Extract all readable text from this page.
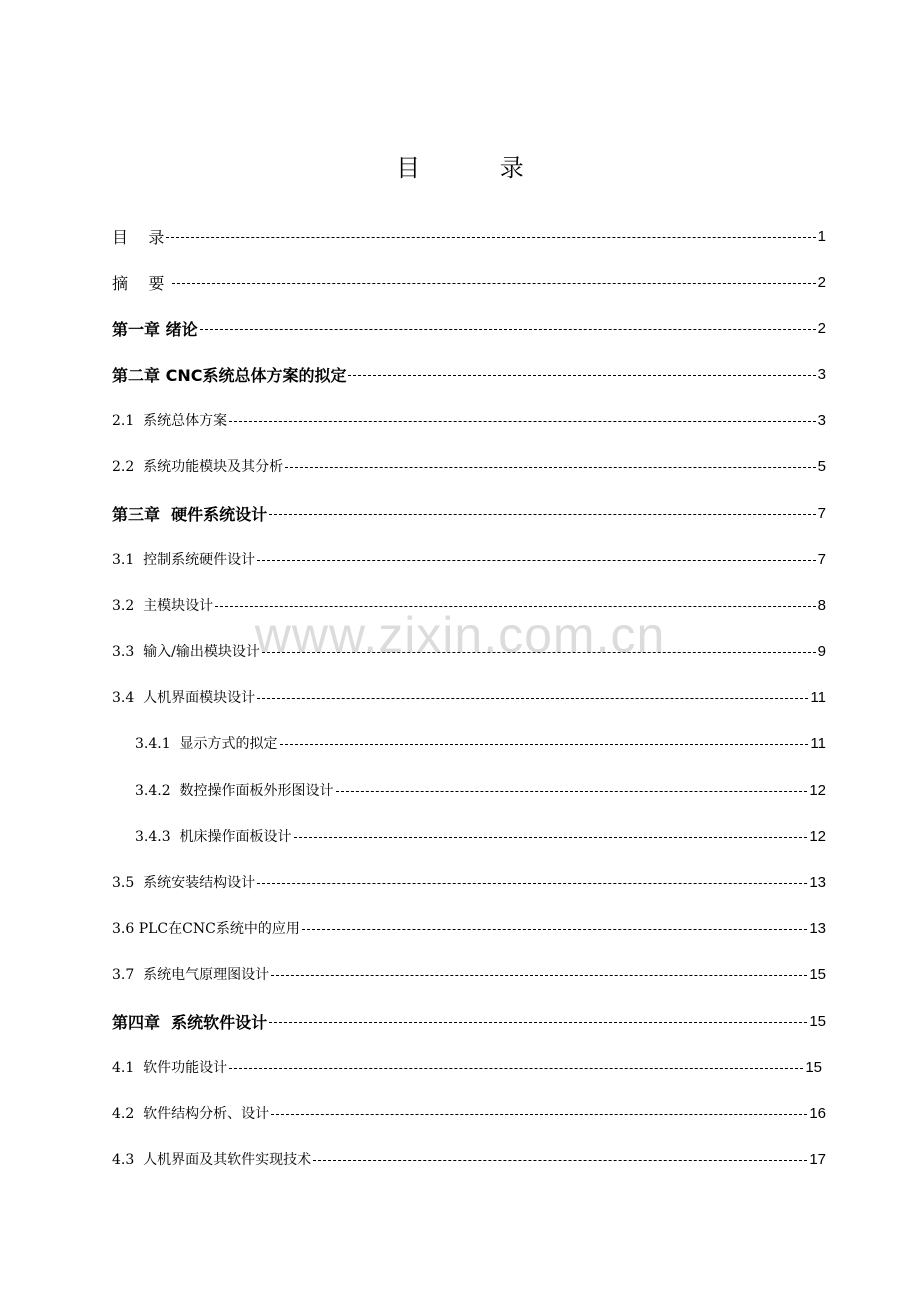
目 录
www.zixin.com.cn
目    录	1
摘    要	2
第一章 绪论	2
第二章 CNC系统总体方案的拟定	3
2.1  系统总体方案	3
2.2  系统功能模块及其分析	5
第三章  硬件系统设计	7
3.1  控制系统硬件设计	7
3.2  主模块设计	8
3.3  输入/输出模块设计	9
3.4  人机界面模块设计	11
3.4.1  显示方式的拟定	11
3.4.2  数控操作面板外形图设计	12
3.4.3  机床操作面板设计	12
3.5  系统安装结构设计	13
3.6 PLC在CNC系统中的应用	13
3.7  系统电气原理图设计	15
第四章  系统软件设计	15
4.1  软件功能设计	15
4.2  软件结构分析、设计	16
4.3  人机界面及其软件实现技术	17
